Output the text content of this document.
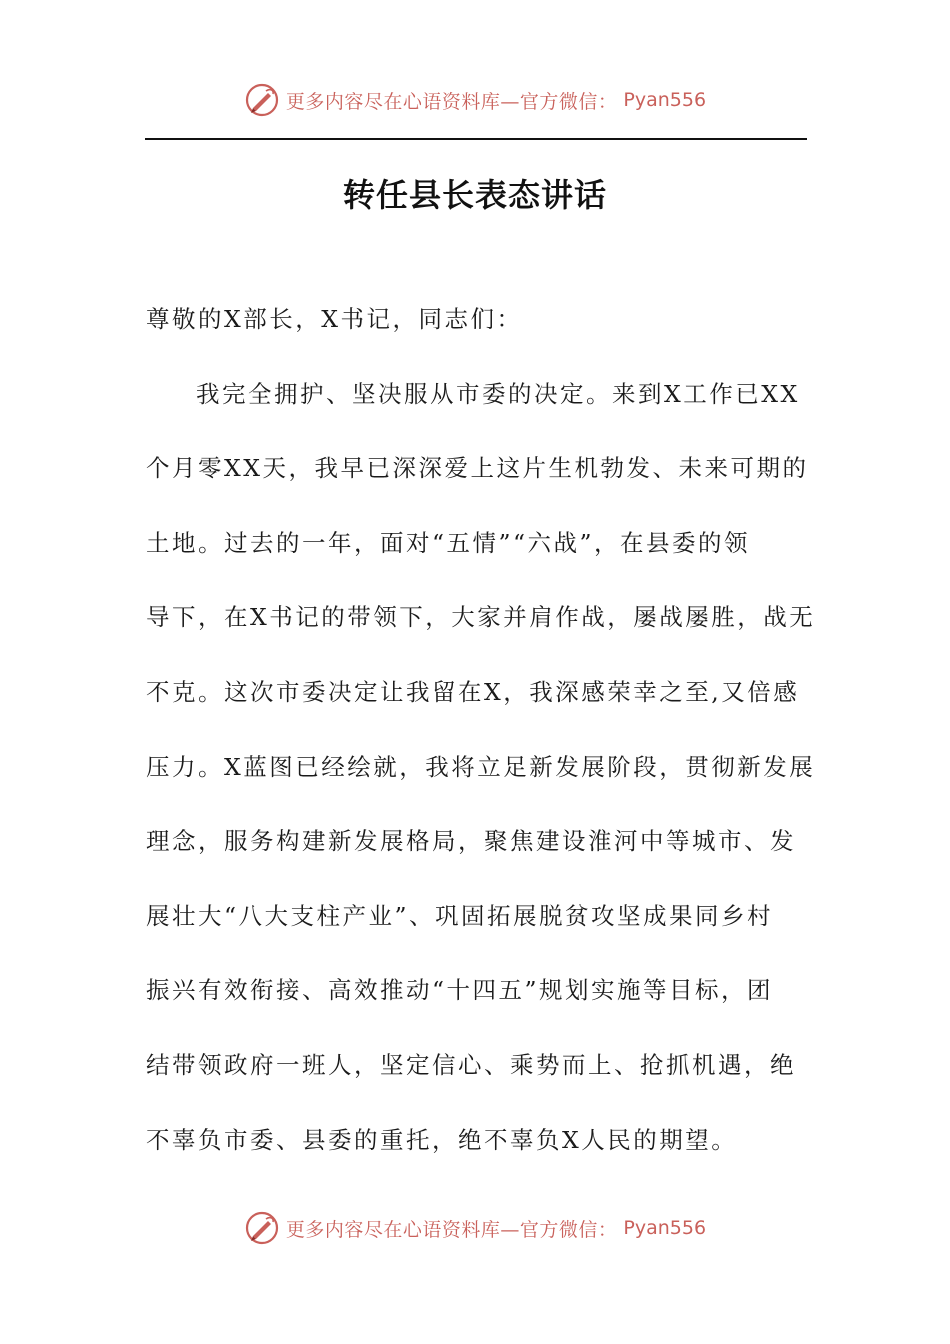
更多内容尽在心语资料库—官方微信： Pyan556
转任县长表态讲话
尊敬的X部长，X书记，同志们：
我完全拥护、坚决服从市委的决定。来到X工作已XX
个月零XX天，我早已深深爱上这片生机勃发、未来可期的
土地。过去的一年，面对“五情”“六战”，在县委的领
导下，在X书记的带领下，大家并肩作战，屡战屡胜，战无
不克。这次市委决定让我留在X，我深感荣幸之至,又倍感
压力。X蓝图已经绘就，我将立足新发展阶段，贯彻新发展
理念，服务构建新发展格局，聚焦建设淮河中等城市、发
展壮大“八大支柱产业”、巩固拓展脱贫攻坚成果同乡村
振兴有效衔接、高效推动“十四五”规划实施等目标，团
结带领政府一班人，坚定信心、乘势而上、抢抓机遇，绝
不辜负市委、县委的重托，绝不辜负X人民的期望。
更多内容尽在心语资料库—官方微信： Pyan556
